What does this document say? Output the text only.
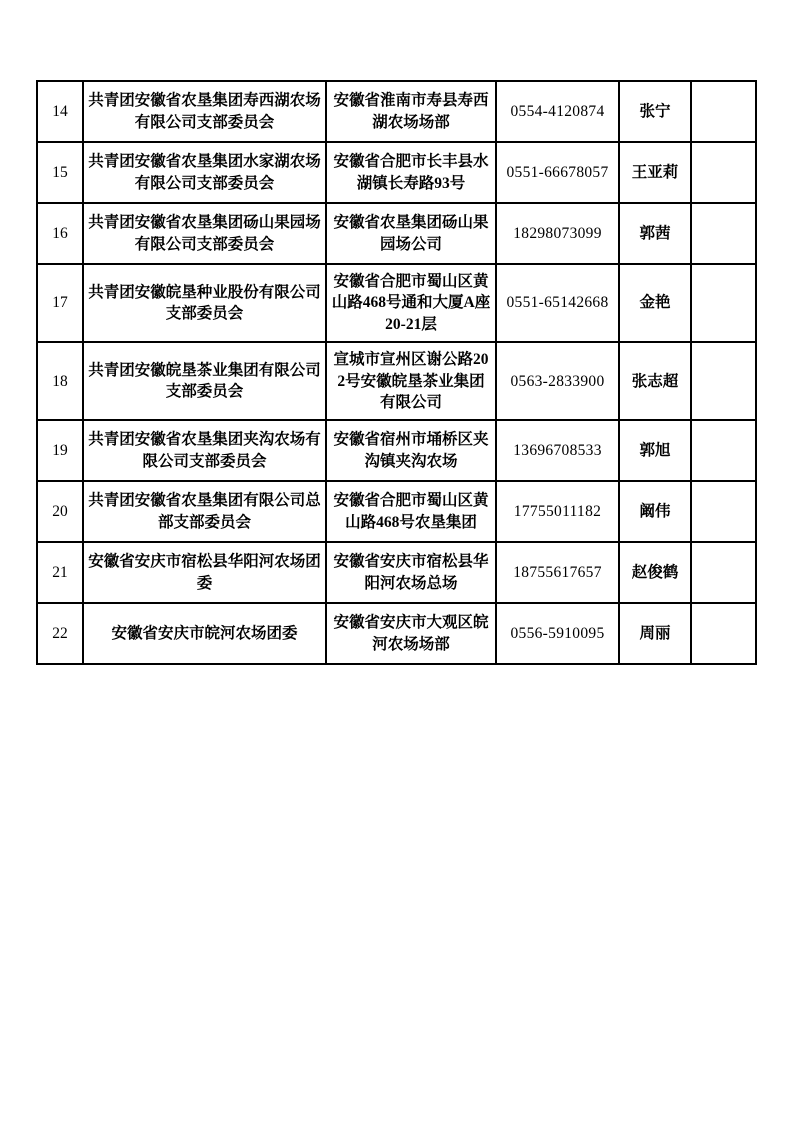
14	共青团安徽省农垦集团寿西湖农场有限公司支部委员会	安徽省淮南市寿县寿西湖农场场部	0554-4120874	张宁	
15	共青团安徽省农垦集团水家湖农场有限公司支部委员会	安徽省合肥市长丰县水湖镇长寿路93号	0551-66678057	王亚莉	
16	共青团安徽省农垦集团砀山果园场有限公司支部委员会	安徽省农垦集团砀山果园场公司	18298073099	郭茜	
17	共青团安徽皖垦种业股份有限公司支部委员会	安徽省合肥市蜀山区黄山路468号通和大厦A座20-21层	0551-65142668	金艳	
18	共青团安徽皖垦茶业集团有限公司支部委员会	宣城市宣州区谢公路202号安徽皖垦茶业集团有限公司	0563-2833900	张志超	
19	共青团安徽省农垦集团夹沟农场有限公司支部委员会	安徽省宿州市埇桥区夹沟镇夹沟农场	13696708533	郭旭	
20	共青团安徽省农垦集团有限公司总部支部委员会	安徽省合肥市蜀山区黄山路468号农垦集团	17755011182	阚伟	
21	安徽省安庆市宿松县华阳河农场团委	安徽省安庆市宿松县华阳河农场总场	18755617657	赵俊鹤	
22	安徽省安庆市皖河农场团委	安徽省安庆市大观区皖河农场场部	0556-5910095	周丽	
